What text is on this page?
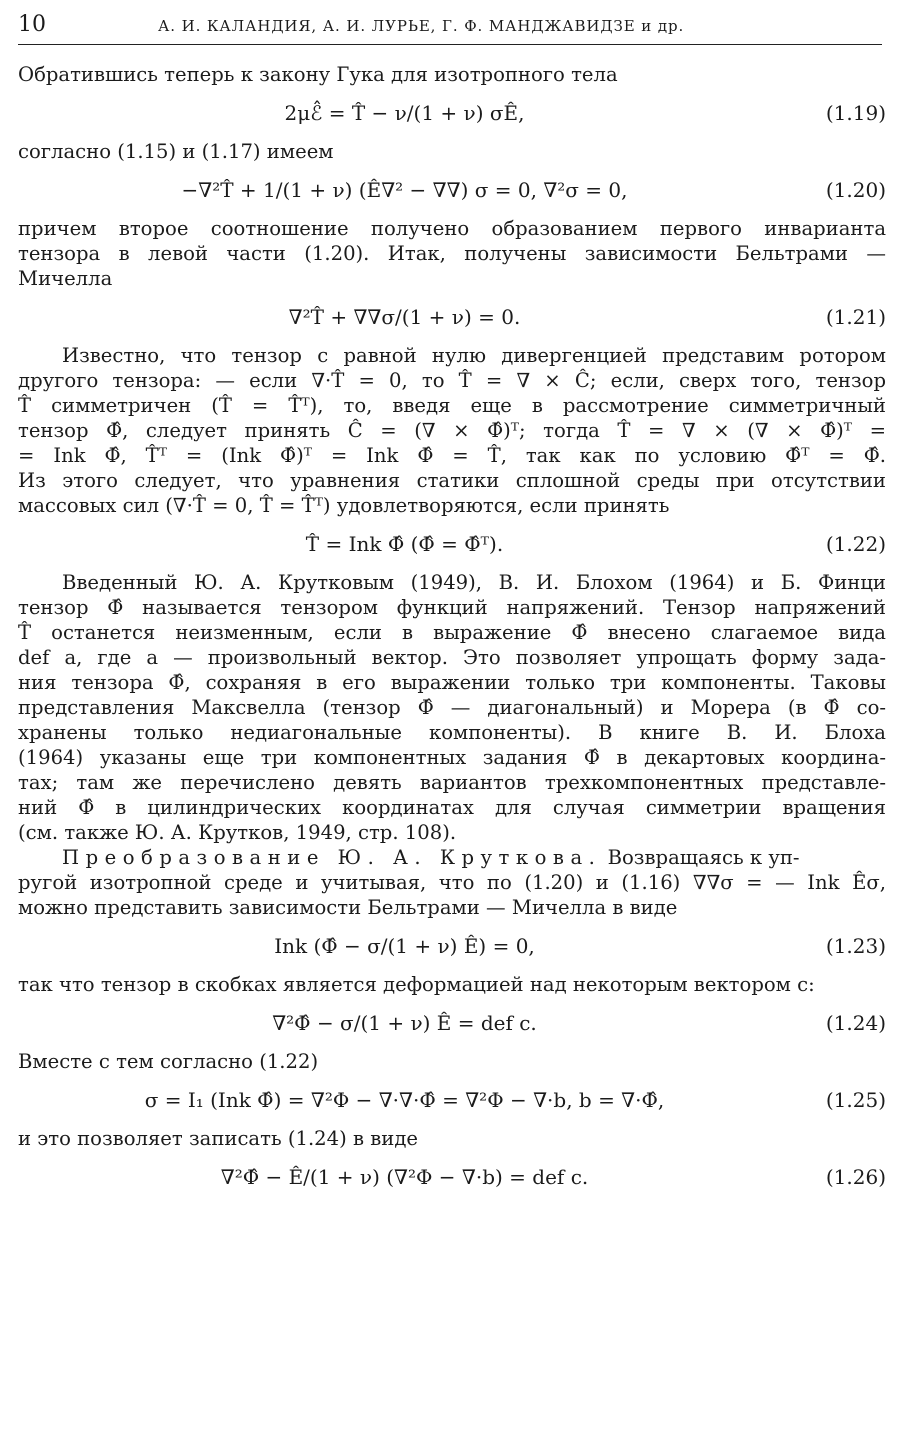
10	А. И. КАЛАНДИЯ, А. И. ЛУРЬЕ, Г. Ф. МАНДЖАВИДЗЕ и др.
Обратившись теперь к закону Гука для изотропного тела
2μℰ̂ = T̂ − ν/(1 + ν) σÊ,	(1.19)
согласно (1.15) и (1.17) имеем
−∇²T̂ + 1/(1 + ν) (Ê∇² − ∇∇) σ = 0, ∇²σ = 0,	(1.20)
причем второе соотношение получено образованием первого инварианта
тензора в левой части (1.20). Итак, получены зависимости Бельтрами —
Мичелла
∇²T̂ + ∇∇σ/(1 + ν) = 0.	(1.21)
Известно, что тензор с равной нулю дивергенцией представим ротором
другого тензора: — если ∇·T̂ = 0, то T̂ = ∇ × Ĉ; если, сверх того, тензор
T̂ симметричен (T̂ = T̂ᵀ), то, введя еще в рассмотрение симметричный
тензор Φ̂, следует принять Ĉ = (∇ × Φ̂)ᵀ; тогда T̂ = ∇ × (∇ × Φ̂)ᵀ =
= Ink Φ̂, T̂ᵀ = (Ink Φ̂)ᵀ = Ink Φ̂ = T̂, так как по условию Φ̂ᵀ = Φ̂.
Из этого следует, что уравнения статики сплошной среды при отсутствии
массовых сил (∇·T̂ = 0, T̂ = T̂ᵀ) удовлетворяются, если принять
T̂ = Ink Φ̂ (Φ̂ = Φ̂ᵀ).	(1.22)
Введенный Ю. А. Крутковым (1949), В. И. Блохом (1964) и Б. Финци
тензор Φ̂ называется тензором функций напряжений. Тензор напряжений
T̂ останется неизменным, если в выражение Φ̂ внесено слагаемое вида
def a, где a — произвольный вектор. Это позволяет упрощать форму зада-
ния тензора Φ̂, сохраняя в его выражении только три компоненты. Таковы
представления Максвелла (тензор Φ̂ — диагональный) и Морера (в Φ̂ со-
хранены только недиагональные компоненты). В книге В. И. Блоха
(1964) указаны еще три компонентных задания Φ̂ в декартовых координа-
тах; там же перечислено девять вариантов трехкомпонентных представле-
ний Φ̂ в цилиндрических координатах для случая симметрии вращения
(см. также Ю. А. Крутков, 1949, стр. 108).
Преобразование Ю. А. Круткова. Возвращаясь к уп-
ругой изотропной среде и учитывая, что по (1.20) и (1.16) ∇∇σ = — Ink Êσ,
можно представить зависимости Бельтрами — Мичелла в виде
Ink (Φ̂ − σ/(1 + ν) Ê) = 0,	(1.23)
так что тензор в скобках является деформацией над некоторым вектором c:
∇²Φ̂ − σ/(1 + ν) Ê = def c.	(1.24)
Вместе с тем согласно (1.22)
σ = I₁ (Ink Φ̂) = ∇²Φ − ∇·∇·Φ̂ = ∇²Φ − ∇·b, b = ∇·Φ̂,	(1.25)
и это позволяет записать (1.24) в виде
∇²Φ̂ − Ê/(1 + ν) (∇²Φ − ∇·b) = def c.	(1.26)
